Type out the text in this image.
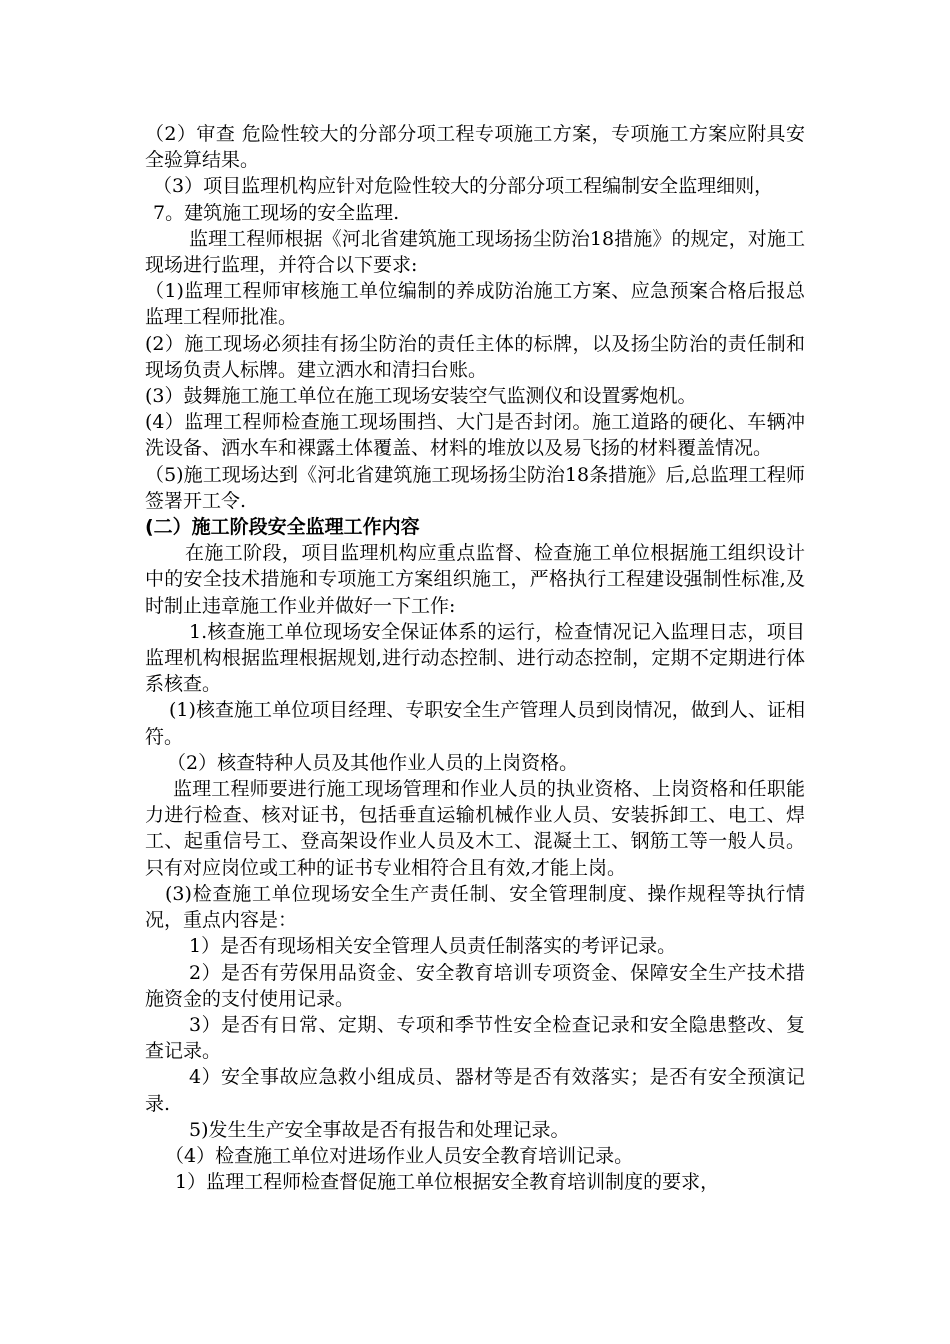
（2）审查 危险性较大的分部分项工程专项施工方案，专项施工方案应附具安全验算结果。

（3）项目监理机构应针对危险性较大的分部分项工程编制安全监理细则，

7。建筑施工现场的安全监理.

监理工程师根据《河北省建筑施工现场扬尘防治18措施》的规定，对施工现场进行监理，并符合以下要求:

（1)监理工程师审核施工单位编制的养成防治施工方案、应急预案合格后报总监理工程师批准。

(2）施工现场必须挂有扬尘防治的责任主体的标牌，以及扬尘防治的责任制和现场负责人标牌。建立洒水和清扫台账。

(3）鼓舞施工施工单位在施工现场安装空气监测仪和设置雾炮机。

(4）监理工程师检查施工现场围挡、大门是否封闭。施工道路的硬化、车辆冲洗设备、洒水车和裸露土体覆盖、材料的堆放以及易飞扬的材料覆盖情况。

（5)施工现场达到《河北省建筑施工现场扬尘防治18条措施》后,总监理工程师签署开工令.

(二）施工阶段安全监理工作内容

在施工阶段，项目监理机构应重点监督、检查施工单位根据施工组织设计中的安全技术措施和专项施工方案组织施工，严格执行工程建设强制性标准,及时制止违章施工作业并做好一下工作:

1.核查施工单位现场安全保证体系的运行，检查情况记入监理日志，项目监理机构根据监理根据规划,进行动态控制、进行动态控制，定期不定期进行体系核查。

(1)核查施工单位项目经理、专职安全生产管理人员到岗情况，做到人、证相符。

（2）核查特种人员及其他作业人员的上岗资格。

监理工程师要进行施工现场管理和作业人员的执业资格、上岗资格和任职能力进行检查、核对证书，包括垂直运输机械作业人员、安装拆卸工、电工、焊工、起重信号工、登高架设作业人员及木工、混凝土工、钢筋工等一般人员。只有对应岗位或工种的证书专业相符合且有效,才能上岗。

(3)检查施工单位现场安全生产责任制、安全管理制度、操作规程等执行情况，重点内容是：

1）是否有现场相关安全管理人员责任制落实的考评记录。

2）是否有劳保用品资金、安全教育培训专项资金、保障安全生产技术措施资金的支付使用记录。

3）是否有日常、定期、专项和季节性安全检查记录和安全隐患整改、复查记录。

4）安全事故应急救小组成员、器材等是否有效落实；是否有安全预演记录.

5)发生生产安全事故是否有报告和处理记录。

（4）检查施工单位对进场作业人员安全教育培训记录。

1）监理工程师检查督促施工单位根据安全教育培训制度的要求，
